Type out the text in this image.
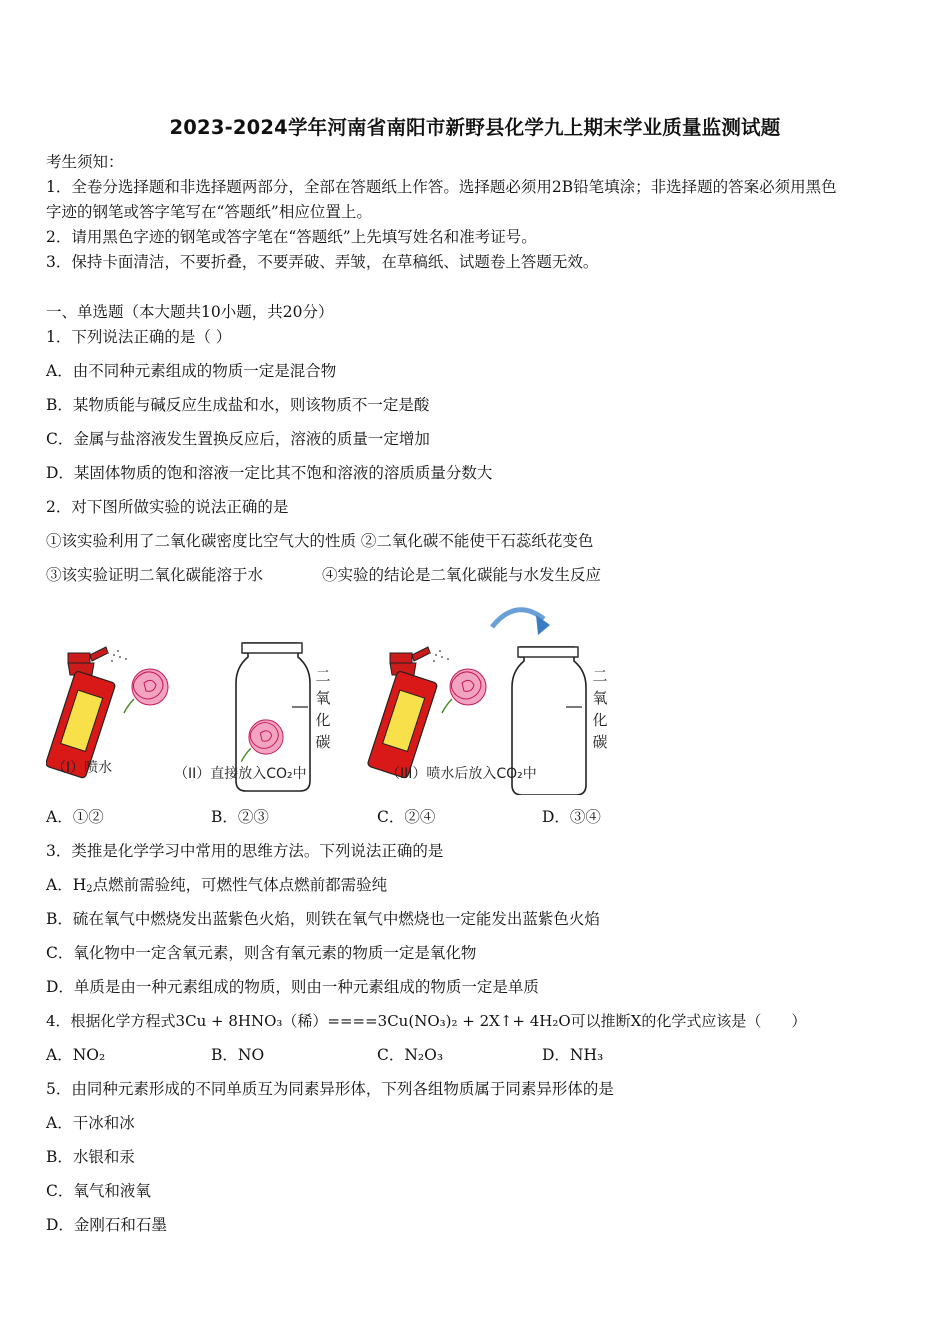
2023-2024学年河南省南阳市新野县化学九上期末学业质量监测试题
考生须知：
1．全卷分选择题和非选择题两部分，全部在答题纸上作答。选择题必须用2B铅笔填涂；非选择题的答案必须用黑色
字迹的钢笔或答字笔写在“答题纸”相应位置上。
2．请用黑色字迹的钢笔或答字笔在“答题纸”上先填写姓名和准考证号。
3．保持卡面清洁，不要折叠，不要弄破、弄皱，在草稿纸、试题卷上答题无效。
一、单选题（本大题共10小题，共20分）
1．下列说法正确的是（ ）
A．由不同种元素组成的物质一定是混合物
B．某物质能与碱反应生成盐和水，则该物质不一定是酸
C．金属与盐溶液发生置换反应后，溶液的质量一定增加
D．某固体物质的饱和溶液一定比其不饱和溶液的溶质质量分数大
2．对下图所做实验的说法正确的是
①该实验利用了二氧化碳密度比空气大的性质 ②二氧化碳不能使干石蕊纸花变色
③该实验证明二氧化碳能溶于水	④实验的结论是二氧化碳能与水发生反应
二
氧
化
碳
二
氧
化
碳
（I）喷水	（II）直接放入CO₂中	（III）喷水后放入CO₂中
A．①②	B．②③	C．②④	D．③④
3．类推是化学学习中常用的思维方法。下列说法正确的是
A．$H_2$点燃前需验纯，可燃性气体点燃前都需验纯
B．硫在氧气中燃烧发出蓝紫色火焰，则铁在氧气中燃烧也一定能发出蓝紫色火焰
C．氧化物中一定含氧元素，则含有氧元素的物质一定是氧化物
D．单质是由一种元素组成的物质，则由一种元素组成的物质一定是单质
4．根据化学方程式3Cu + 8HNO₃（稀）====3Cu(NO₃)₂ + 2X↑+ 4H₂O可以推断X的化学式应该是（　　）
A．NO₂	B．NO	C．N₂O₃	D．NH₃
5．由同种元素形成的不同单质互为同素异形体，下列各组物质属于同素异形体的是
A．干冰和冰
B．水银和汞
C．氧气和液氧
D．金刚石和石墨
